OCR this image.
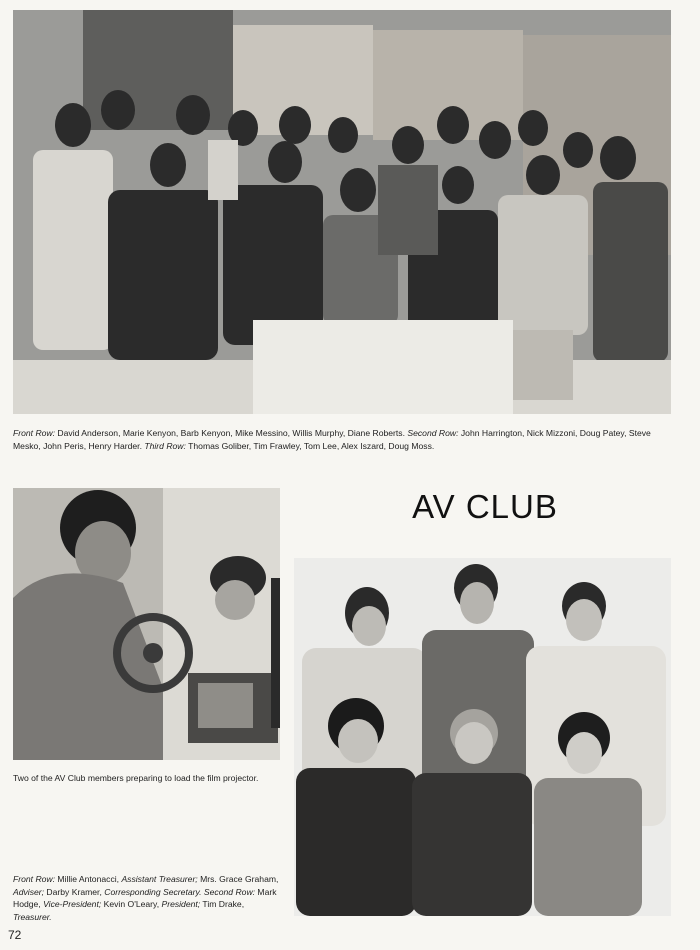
Front Row: David Anderson, Marie Kenyon, Barb Kenyon, Mike Messino, Willis Murphy, Diane Roberts. Second Row: John Harrington, Nick Mizzoni, Doug Patey, Steve Mesko, John Peris, Henry Harder. Third Row: Thomas Goliber, Tim Frawley, Tom Lee, Alex Iszard, Doug Moss.

Two of the AV Club members preparing to load the film projector.

Front Row: Millie Antonacci, Assistant Treasurer; Mrs. Grace Graham, Adviser; Darby Kramer, Corresponding Secretary. Second Row: Mark Hodge, Vice-President; Kevin O'Leary, President; Tim Drake, Treasurer.

AV CLUB
72
